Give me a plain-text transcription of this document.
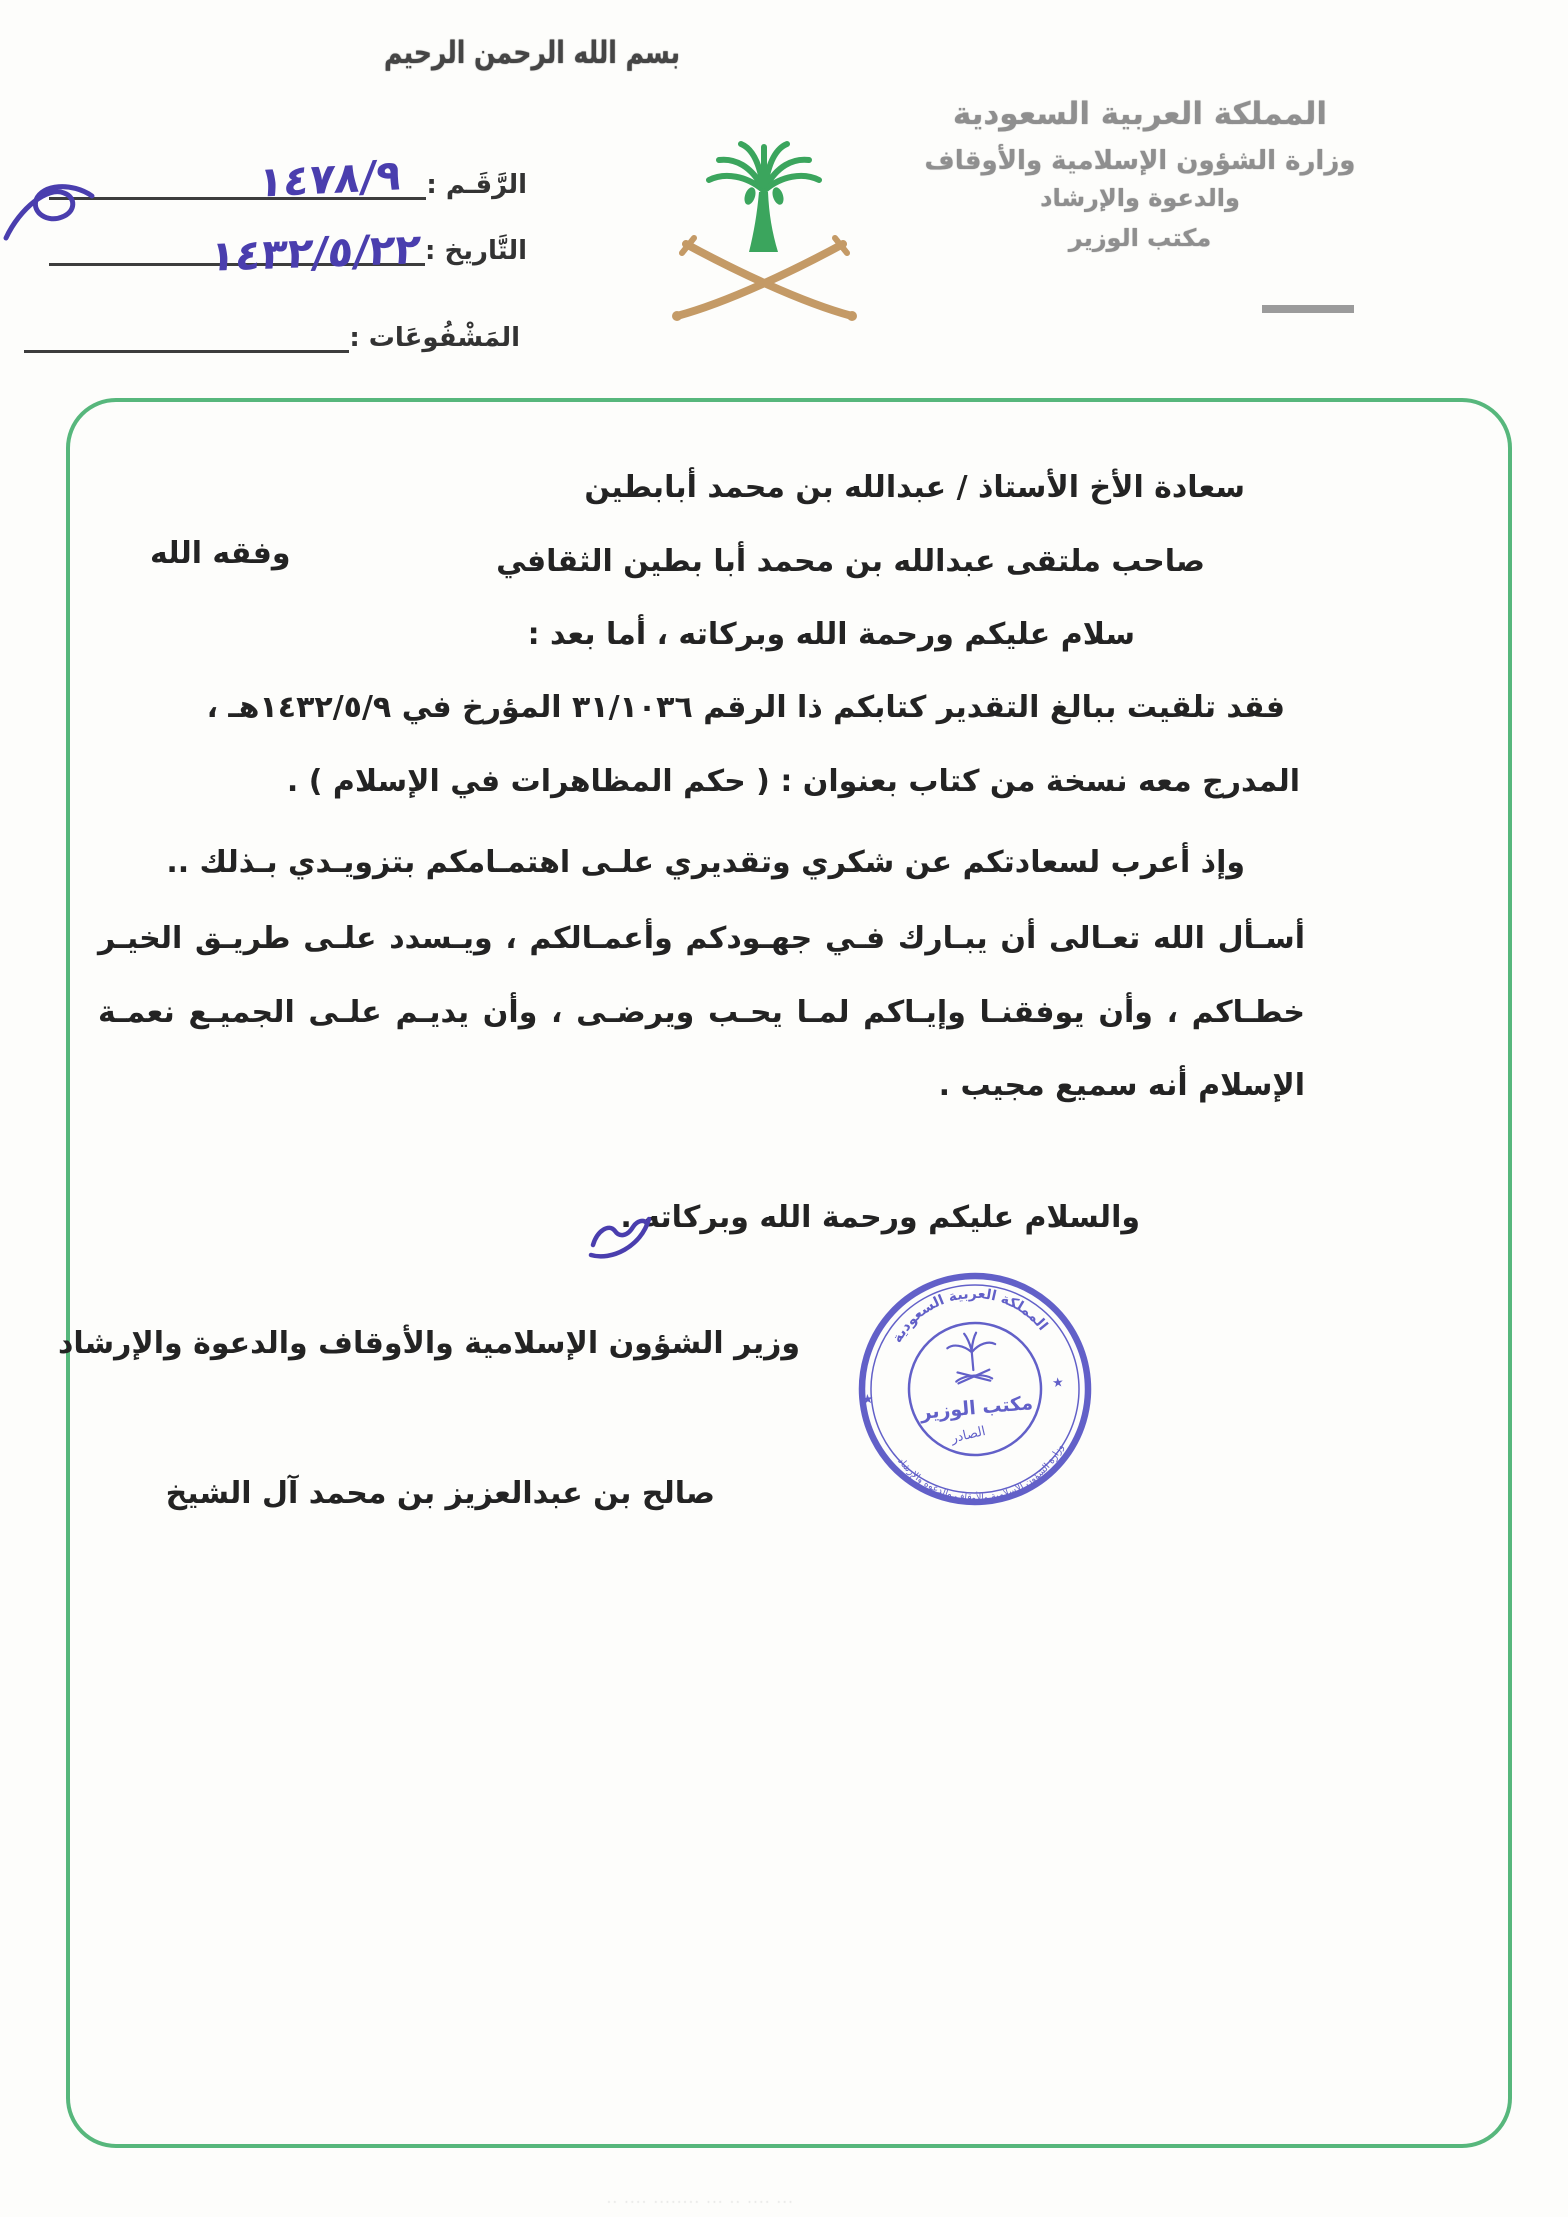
بسم الله الرحمن الرحيم
المملكة العربية السعودية
وزارة الشؤون الإسلامية والأوقاف
والدعوة والإرشاد
مكتب الوزير
الرَّقَـم :
١٤٧٨/٩
التَّاريخ :
١٤٣٢/٥/٢٢
المَشْفُوعَات :
سعادة الأخ الأستاذ / عبدالله بن محمد أبابطين
صاحب ملتقى عبدالله بن محمد أبا بطين الثقافي
وفقه الله
سلام عليكم ورحمة الله وبركاته ، أما بعد :
فقد تلقيت ببالغ التقدير كتابكم ذا الرقم ٣١/١٠٣٦ المؤرخ في ١٤٣٢/٥/٩هـ ،
المدرج معه نسخة من كتاب بعنوان : ( حكم المظاهرات في الإسلام ) .
وإذ أعرب لسعادتكم عن شكري وتقديري علـى اهتمـامكم بتزويـدي بـذلك ..
أسـأل الله تعـالى أن يبـارك فـي جهـودكم وأعمـالكم ، ويـسدد علـى طريـق الخيـر
خطـاكم ، وأن يوفقنـا وإيـاكم لمـا يحـب ويرضـى ، وأن يديـم علـى الجميـع نعمـة
الإسلام أنه سميع مجيب .
والسلام عليكم ورحمة الله وبركاته .
وزير الشؤون الإسلامية والأوقاف والدعوة والإرشاد
صالح بن عبدالعزيز بن محمد آل الشيخ
المملكة العربية السعودية
وزارة الشؤون الإسلامية والأوقاف والدعوة والإرشاد
★
★
مكتب الوزير
الصادر
·· ···· ········ ··· ·· ···· ···
